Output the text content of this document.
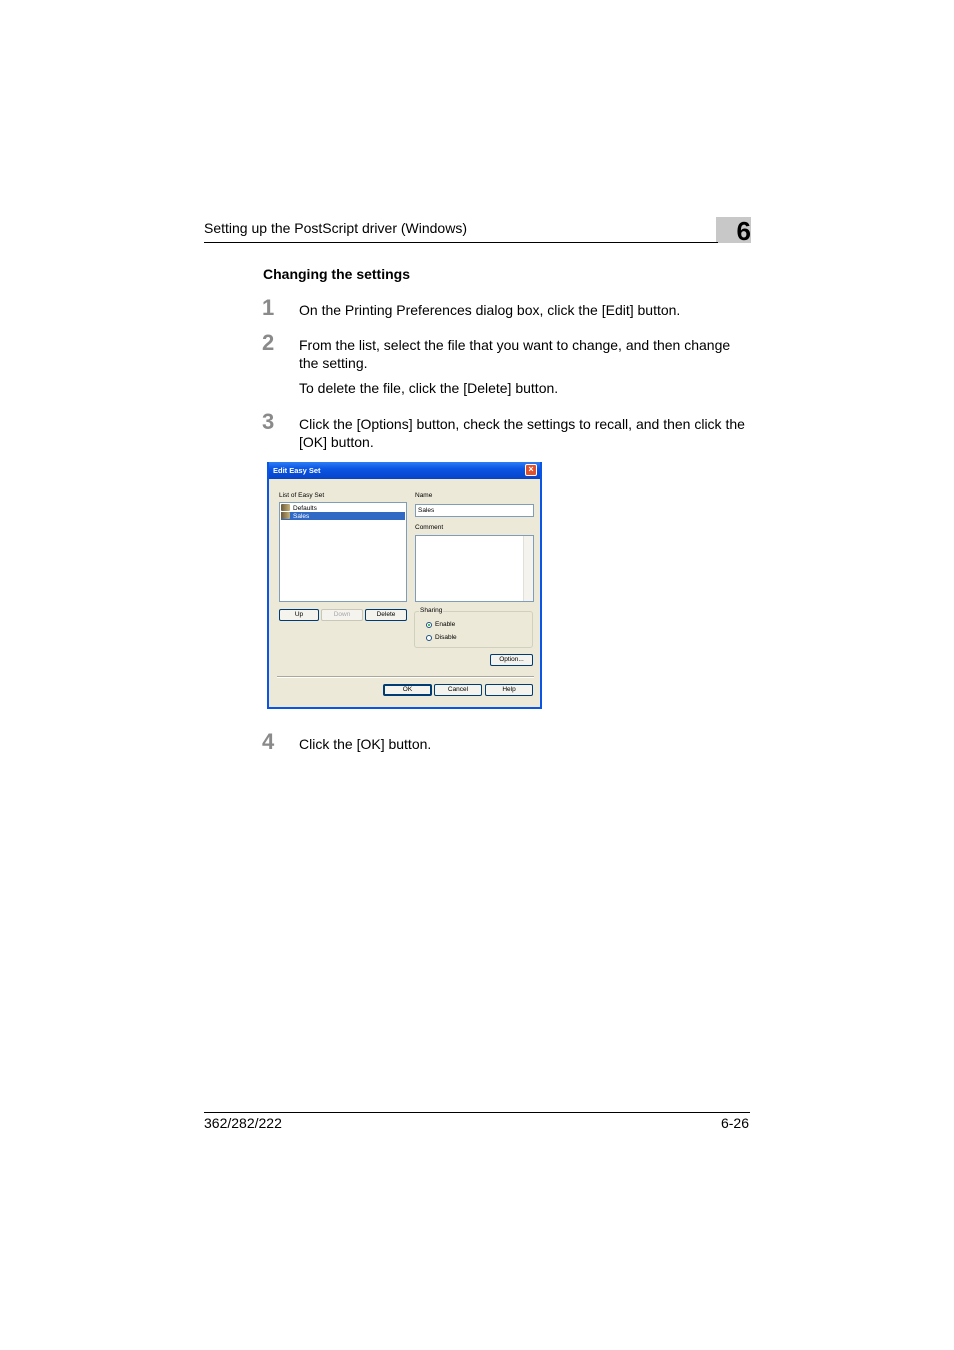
Setting up the PostScript driver (Windows)	6
Changing the settings
1 On the Printing Preferences dialog box, click the [Edit] button.
2 From the list, select the file that you want to change, and then change the setting.
To delete the file, click the [Delete] button.
3 Click the [Options] button, check the settings to recall, and then click the [OK] button.
Edit Easy Set	×
List of Easy Set
Defaults
Sales
Name
Sales
Comment
Up	Down	Delete
Sharing
Enable
Disable
Option...
OK	Cancel	Help
4 Click the [OK] button.
362/282/222	6-26
